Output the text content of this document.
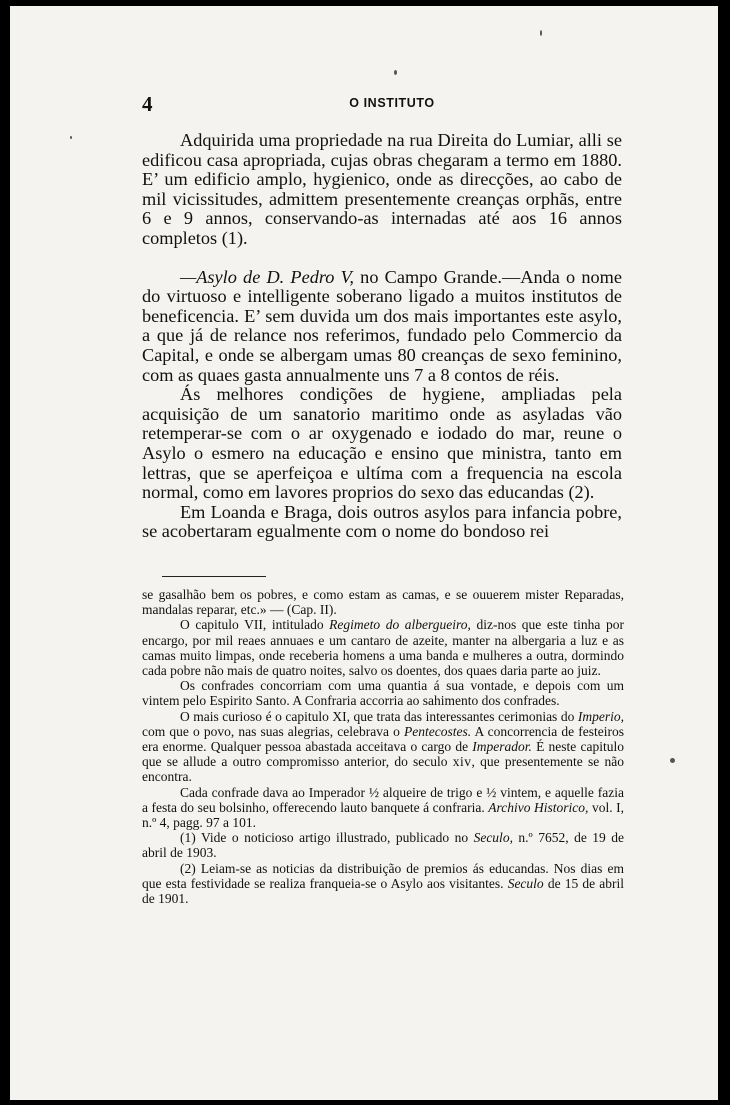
4	O INSTITUTO

Adquirida uma propriedade na rua Direita do Lumiar, alli se edificou casa apropriada, cujas obras chegaram a termo em 1880. E’ um edificio amplo, hygienico, onde as direcções, ao cabo de mil vicissitudes, admittem presentemente creanças orphãs, entre 6 e 9 annos, conservando-as internadas até aos 16 annos completos (1).

—Asylo de D. Pedro V, no Campo Grande.—Anda o nome do virtuoso e intelligente soberano ligado a muitos institutos de beneficencia. E’ sem duvida um dos mais importantes este asylo, a que já de relance nos referimos, fundado pelo Commercio da Capital, e onde se albergam umas 80 creanças de sexo feminino, com as quaes gasta annualmente uns 7 a 8 contos de réis.

Ás melhores condições de hygiene, ampliadas pela acquisição de um sanatorio maritimo onde as asyladas vão retemperar-se com o ar oxygenado e iodado do mar, reune o Asylo o esmero na educação e ensino que ministra, tanto em lettras, que se aperfeiçoa e ultíma com a frequencia na escola normal, como em lavores proprios do sexo das educandas (2).

Em Loanda e Braga, dois outros asylos para infancia pobre, se acobertaram egualmente com o nome do bondoso rei

se gasalhão bem os pobres, e como estam as camas, e se ouuerem mister Reparadas, mandalas reparar, etc.» — (Cap. II).

O capitulo VII, intitulado Regimeto do albergueiro, diz-nos que este tinha por encargo, por mil reaes annuaes e um cantaro de azeite, manter na albergaria a luz e as camas muito limpas, onde receberia homens a uma banda e mulheres a outra, dormindo cada pobre não mais de quatro noites, salvo os doentes, dos quaes daria parte ao juiz.

Os confrades concorriam com uma quantia á sua vontade, e depois com um vintem pelo Espirito Santo. A Confraria accorria ao sahimento dos confrades.

O mais curioso é o capitulo XI, que trata das interessantes cerimonias do Imperio, com que o povo, nas suas alegrias, celebrava o Pentecostes. A concorrencia de festeiros era enorme. Qualquer pessoa abastada acceitava o cargo de Imperador. É neste capitulo que se allude a outro compromisso anterior, do seculo xiv, que presentemente se não encontra.

Cada confrade dava ao Imperador ½ alqueire de trigo e ½ vintem, e aquelle fazia a festa do seu bolsinho, offerecendo lauto banquete á confraria. Archivo Historico, vol. I, n.º 4, pagg. 97 a 101.

(1) Vide o noticioso artigo illustrado, publicado no Seculo, n.º 7652, de 19 de abril de 1903.

(2) Leiam-se as noticias da distribuição de premios ás educandas. Nos dias em que esta festividade se realiza franqueia-se o Asylo aos visitantes. Seculo de 15 de abril de 1901.
